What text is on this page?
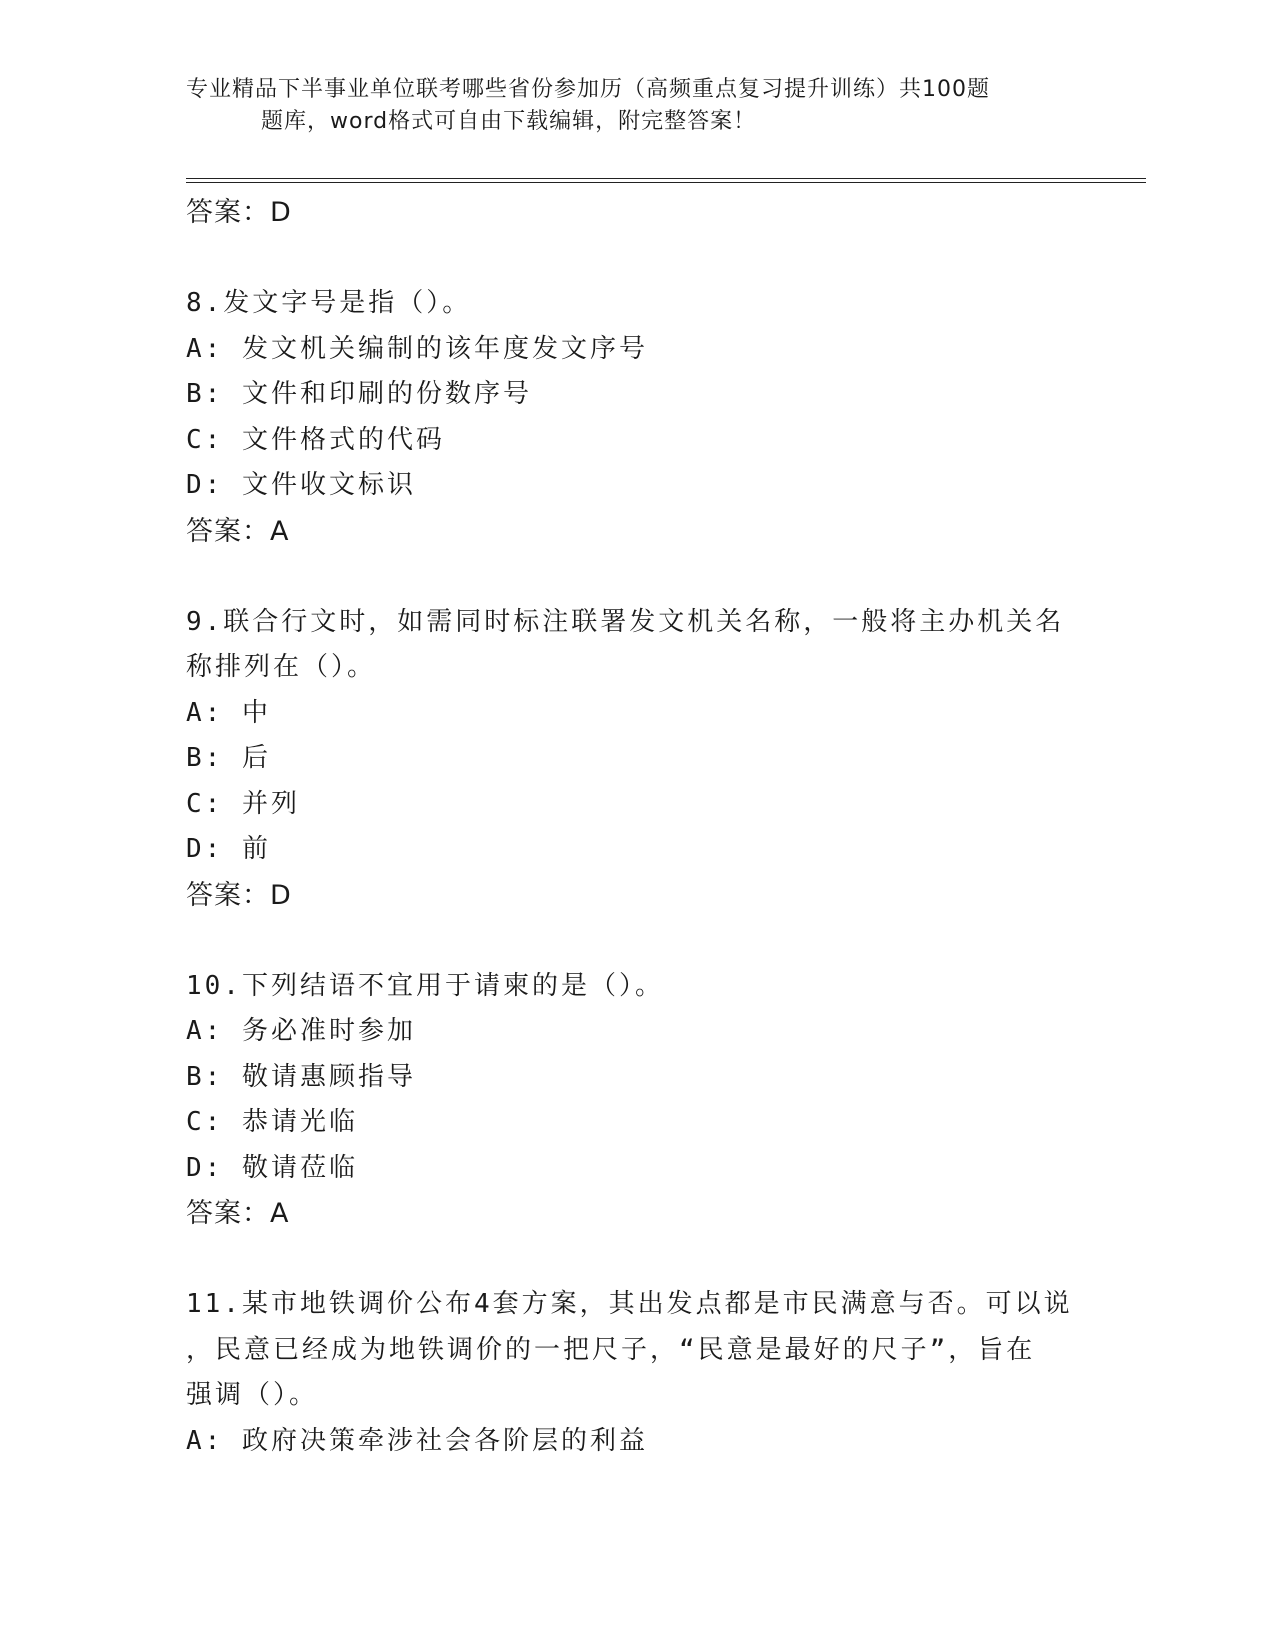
专业精品下半事业单位联考哪些省份参加历（高频重点复习提升训练）共100题
题库，word格式可自由下载编辑，附完整答案！
答案：D
8.发文字号是指（）。
A: 发文机关编制的该年度发文序号
B: 文件和印刷的份数序号
C: 文件格式的代码
D: 文件收文标识
答案：A
9.联合行文时，如需同时标注联署发文机关名称，一般将主办机关名
称排列在（）。
A: 中
B: 后
C: 并列
D: 前
答案：D
10.下列结语不宜用于请柬的是（）。
A: 务必准时参加
B: 敬请惠顾指导
C: 恭请光临
D: 敬请莅临
答案：A
11.某市地铁调价公布4套方案，其出发点都是市民满意与否。可以说
，民意已经成为地铁调价的一把尺子，“民意是最好的尺子”，旨在
强调（）。
A: 政府决策牵涉社会各阶层的利益
